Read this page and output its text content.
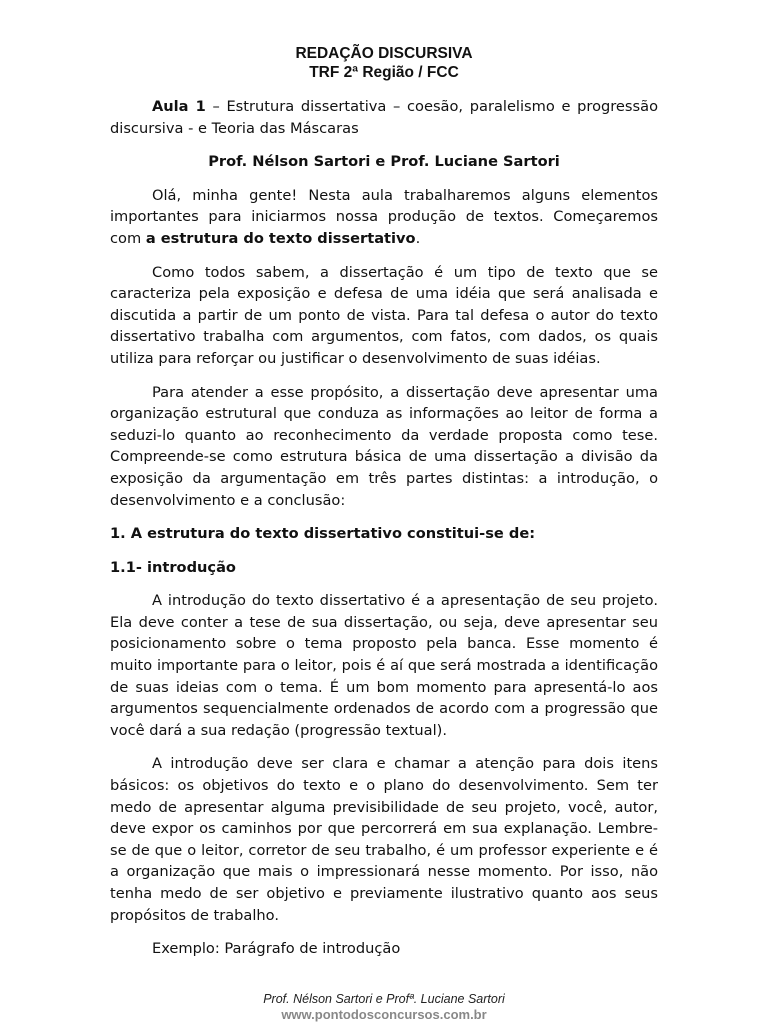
REDAÇÃO DISCURSIVA

TRF 2ª Região / FCC

Aula 1 – Estrutura dissertativa – coesão, paralelismo e progressão discursiva - e Teoria das Máscaras

Prof. Nélson Sartori e Prof. Luciane Sartori

Olá, minha gente! Nesta aula trabalharemos alguns elementos importantes para iniciarmos nossa produção de textos. Começaremos com a estrutura do texto dissertativo.

Como todos sabem, a dissertação é um tipo de texto que se caracteriza pela exposição e defesa de uma idéia que será analisada e discutida a partir de um ponto de vista. Para tal defesa o autor do texto dissertativo trabalha com argumentos, com fatos, com dados, os quais utiliza para reforçar ou justificar o desenvolvimento de suas idéias.

Para atender a esse propósito, a dissertação deve apresentar uma organização estrutural que conduza as informações ao leitor de forma a seduzi-lo quanto ao reconhecimento da verdade proposta como tese. Compreende-se como estrutura básica de uma dissertação a divisão da exposição da argumentação em três partes distintas: a introdução, o desenvolvimento e a conclusão:

1. A estrutura do texto dissertativo constitui-se de:

1.1- introdução

A introdução do texto dissertativo é a apresentação de seu projeto. Ela deve conter a tese de sua dissertação, ou seja, deve apresentar seu posicionamento sobre o tema proposto pela banca. Esse momento é muito importante para o leitor, pois é aí que será mostrada a identificação de suas ideias com o tema. É um bom momento para apresentá-lo aos argumentos sequencialmente ordenados de acordo com a progressão que você dará a sua redação (progressão textual).

A introdução deve ser clara e chamar a atenção para dois itens básicos: os objetivos do texto e o plano do desenvolvimento. Sem ter medo de apresentar alguma previsibilidade de seu projeto, você, autor, deve expor os caminhos por que percorrerá em sua explanação. Lembre-se de que o leitor, corretor de seu trabalho, é um professor experiente e é a organização que mais o impressionará nesse momento. Por isso, não tenha medo de ser objetivo e previamente ilustrativo quanto aos seus propósitos de trabalho.

Exemplo: Parágrafo de introdução

Prof. Nélson Sartori e Profª. Luciane Sartori
www.pontodosconcursos.com.br
